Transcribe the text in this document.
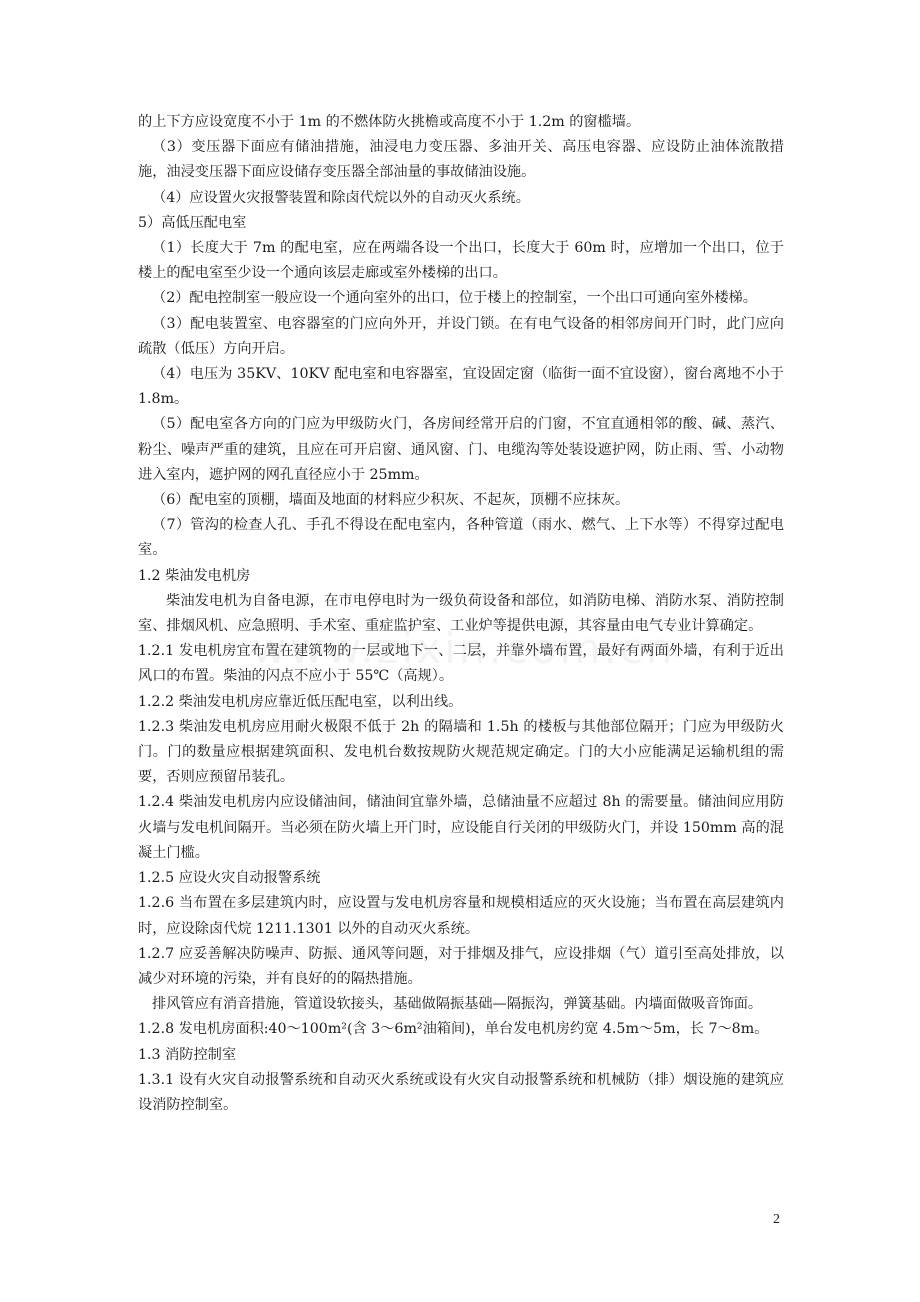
的上下方应设宽度不小于 1m 的不燃体防火挑檐或高度不小于 1.2m 的窗槛墙。

（3）变压器下面应有储油措施，油浸电力变压器、多油开关、高压电容器、应设防止油体流散措施，油浸变压器下面应设储存变压器全部油量的事故储油设施。

（4）应设置火灾报警装置和除卤代烷以外的自动灭火系统。

5）高低压配电室

（1）长度大于 7m 的配电室，应在两端各设一个出口，长度大于 60m 时，应增加一个出口，位于楼上的配电室至少设一个通向该层走廊或室外楼梯的出口。

（2）配电控制室一般应设一个通向室外的出口，位于楼上的控制室，一个出口可通向室外楼梯。

（3）配电装置室、电容器室的门应向外开，并设门锁。在有电气设备的相邻房间开门时，此门应向疏散（低压）方向开启。

（4）电压为 35KV、10KV 配电室和电容器室，宜设固定窗（临街一面不宜设窗），窗台离地不小于 1.8m。

（5）配电室各方向的门应为甲级防火门，各房间经常开启的门窗，不宜直通相邻的酸、碱、蒸汽、粉尘、噪声严重的建筑，且应在可开启窗、通风窗、门、电缆沟等处装设遮护网，防止雨、雪、小动物进入室内，遮护网的网孔直径应小于 25mm。

（6）配电室的顶棚，墙面及地面的材料应少积灰、不起灰，顶棚不应抹灰。

（7）管沟的检查人孔、手孔不得设在配电室内，各种管道（雨水、燃气、上下水等）不得穿过配电室。

1.2 柴油发电机房

柴油发电机为自备电源，在市电停电时为一级负荷设备和部位，如消防电梯、消防水泵、消防控制室、排烟风机、应急照明、手术室、重症监护室、工业炉等提供电源，其容量由电气专业计算确定。

1.2.1 发电机房宜布置在建筑物的一层或地下一、二层，并靠外墙布置，最好有两面外墙，有利于近出风口的布置。柴油的闪点不应小于 55℃（高规）。

1.2.2 柴油发电机房应靠近低压配电室，以利出线。

1.2.3 柴油发电机房应用耐火极限不低于 2h 的隔墙和 1.5h 的楼板与其他部位隔开；门应为甲级防火门。门的数量应根据建筑面积、发电机台数按规防火规范规定确定。门的大小应能满足运输机组的需要，否则应预留吊装孔。

1.2.4 柴油发电机房内应设储油间，储油间宜靠外墙，总储油量不应超过 8h 的需要量。储油间应用防火墙与发电机间隔开。当必须在防火墙上开门时，应设能自行关闭的甲级防火门，并设 150mm 高的混凝土门槛。

1.2.5 应设火灾自动报警系统

1.2.6 当布置在多层建筑内时，应设置与发电机房容量和规模相适应的灭火设施；当布置在高层建筑内时，应设除卤代烷 1211.1301 以外的自动灭火系统。

1.2.7 应妥善解决防噪声、防振、通风等问题，对于排烟及排气，应设排烟（气）道引至高处排放，以减少对环境的污染，并有良好的的隔热措施。

排风管应有消音措施，管道设软接头，基础做隔振基础—隔振沟，弹簧基础。内墙面做吸音饰面。

1.2.8 发电机房面积:40～100m²(含 3～6m²油箱间)，单台发电机房约宽 4.5m～5m，长 7～8m。

1.3 消防控制室

1.3.1 设有火灾自动报警系统和自动灭火系统或设有火灾自动报警系统和机械防（排）烟设施的建筑应设消防控制室。

2
